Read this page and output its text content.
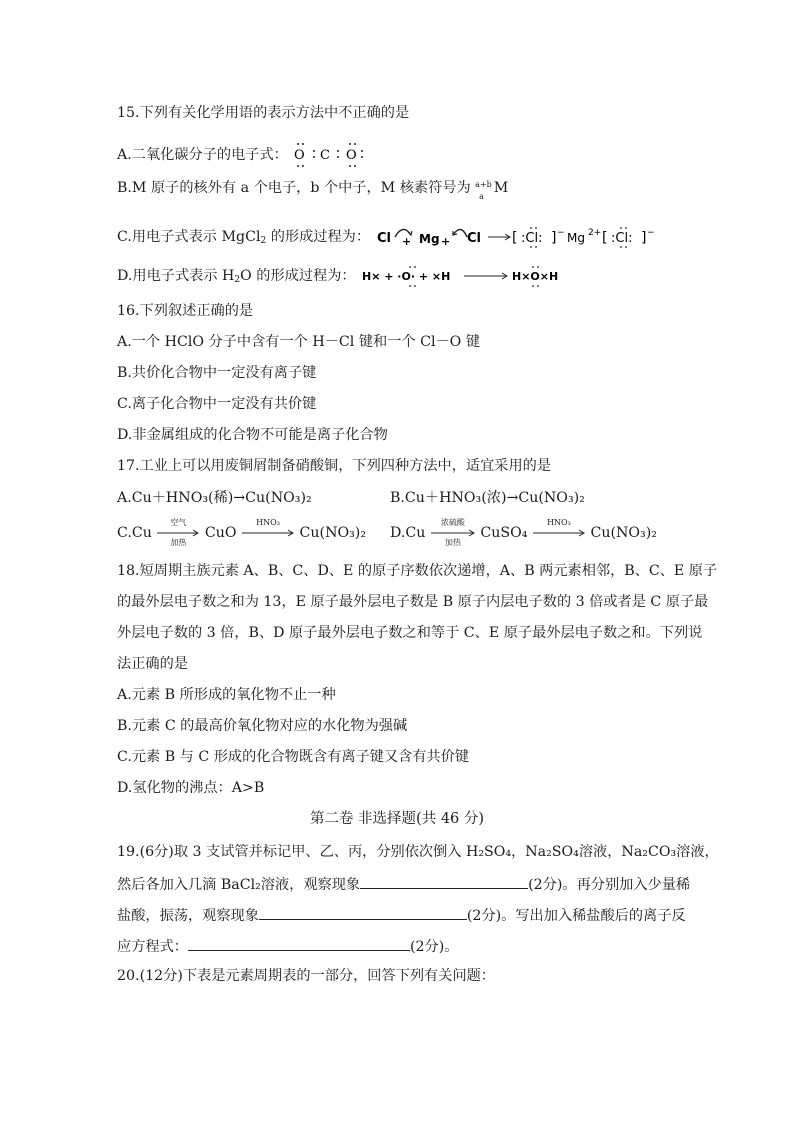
15.下列有关化学用语的表示方法中不正确的是
A.二氧化碳分子的电子式： O C O
B.M 原子的核外有 a 个电子，b 个中子，M 核素符号为 a+b
a
M
C.用电子式表示 MgCl$_2$ 的形成过程为： Cl + Mg + Cl [ :Cl: ] − Mg 2+ [ :Cl: ] −
D.用电子式表示 $H_2O$ 的形成过程为： H× + ·O· + ×H	H×O×H
16.下列叙述正确的是
A.一个 HClO 分子中含有一个 H－Cl 键和一个 Cl－O 键
B.共价化合物中一定没有离子键
C.离子化合物中一定没有共价键
D.非金属组成的化合物不可能是离子化合物
17.工业上可以用废铜屑制备硝酸铜，下列四种方法中，适宜采用的是
A.Cu＋HNO₃(稀)→Cu(NO₃)₂	B.Cu＋HNO₃(浓)→Cu(NO₃)₂
C.Cu
空气
加热
CuO
HNO₃
Cu(NO₃)₂ D.Cu
浓硫酸
加热
CuSO₄
HNO₃
Cu(NO₃)₂
18.短周期主族元素 A、B、C、D、E 的原子序数依次递增，A、B 两元素相邻，B、C、E 原子
的最外层电子数之和为 13，E 原子最外层电子数是 B 原子内层电子数的 3 倍或者是 C 原子最
外层电子数的 3 倍，B、D 原子最外层电子数之和等于 C、E 原子最外层电子数之和。下列说
法正确的是
A.元素 B 所形成的氧化物不止一种
B.元素 C 的最高价氧化物对应的水化物为强碱
C.元素 B 与 C 形成的化合物既含有离子键又含有共价键
D.氢化物的沸点：A>B
第二卷 非选择题(共 46 分)
19.(6分)取 3 支试管并标记甲、乙、丙，分别依次倒入 H₂SO₄，Na₂SO₄溶液，Na₂CO₃溶液，
然后各加入几滴 BaCl₂溶液，观察现象	(2分)。再分别加入少量稀
盐酸，振荡，观察现象	(2分)。写出加入稀盐酸后的离子反
应方程式：	(2分)。
20.(12分)下表是元素周期表的一部分，回答下列有关问题：
